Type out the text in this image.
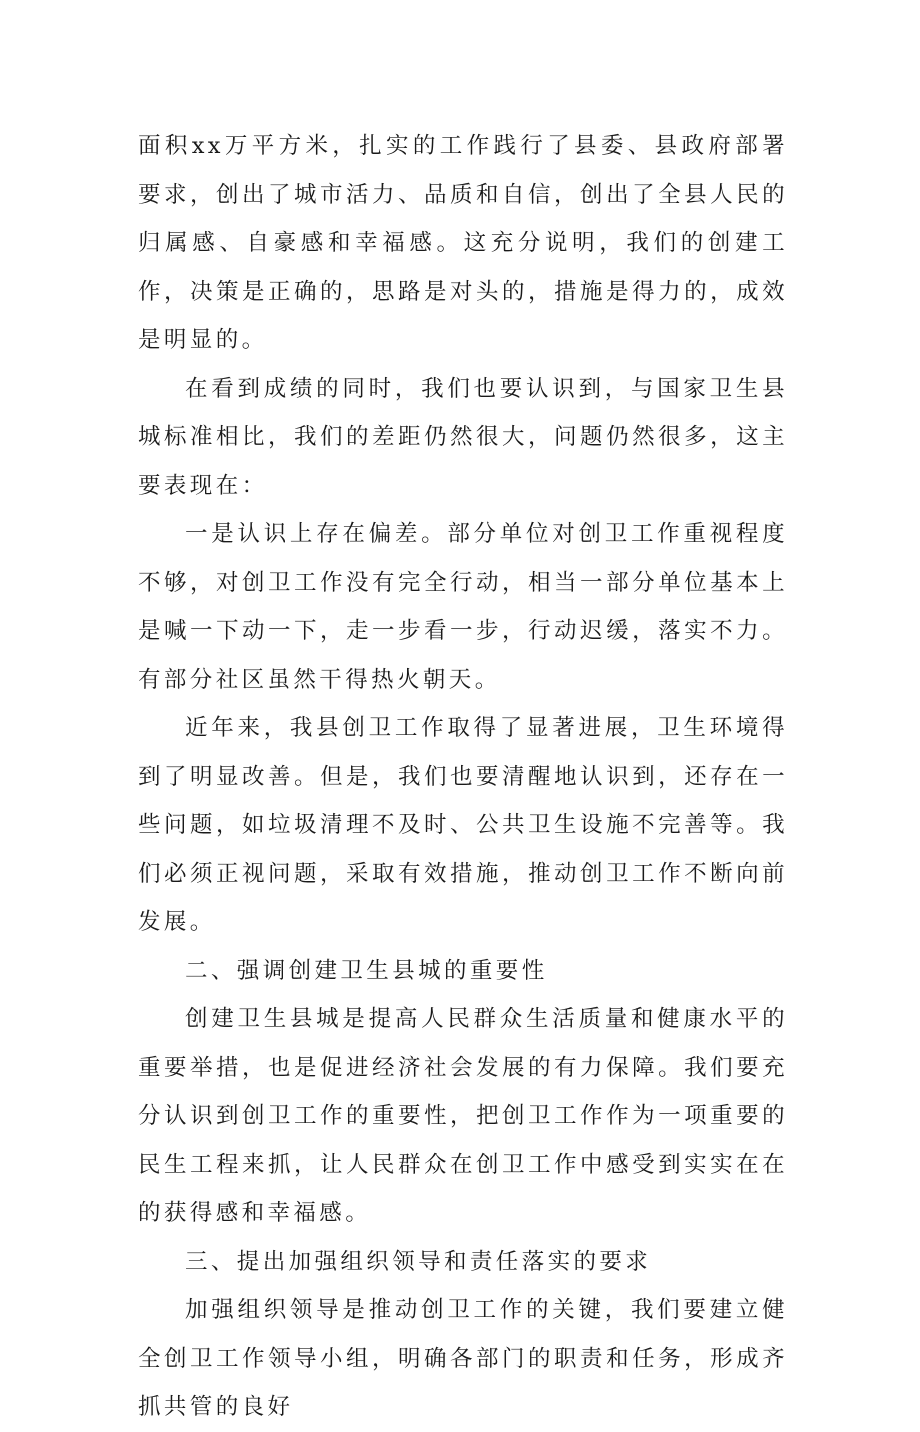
面积xx万平方米，扎实的工作践行了县委、县政府部署要求，创出了城市活力、品质和自信，创出了全县人民的归属感、自豪感和幸福感。这充分说明，我们的创建工作，决策是正确的，思路是对头的，措施是得力的，成效是明显的。

在看到成绩的同时，我们也要认识到，与国家卫生县城标准相比，我们的差距仍然很大，问题仍然很多，这主要表现在：

一是认识上存在偏差。部分单位对创卫工作重视程度不够，对创卫工作没有完全行动，相当一部分单位基本上是喊一下动一下，走一步看一步，行动迟缓，落实不力。有部分社区虽然干得热火朝天。

近年来，我县创卫工作取得了显著进展，卫生环境得到了明显改善。但是，我们也要清醒地认识到，还存在一些问题，如垃圾清理不及时、公共卫生设施不完善等。我们必须正视问题，采取有效措施，推动创卫工作不断向前发展。

二、强调创建卫生县城的重要性

创建卫生县城是提高人民群众生活质量和健康水平的重要举措，也是促进经济社会发展的有力保障。我们要充分认识到创卫工作的重要性，把创卫工作作为一项重要的民生工程来抓，让人民群众在创卫工作中感受到实实在在的获得感和幸福感。

三、提出加强组织领导和责任落实的要求

加强组织领导是推动创卫工作的关键，我们要建立健全创卫工作领导小组，明确各部门的职责和任务，形成齐抓共管的良好
